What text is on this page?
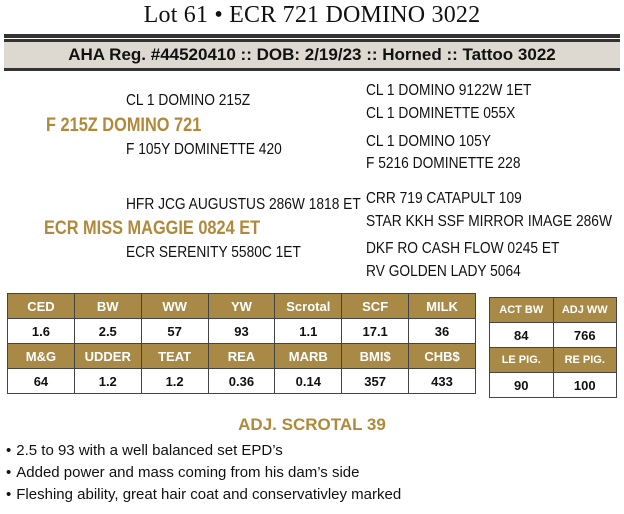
Lot 61 • ECR 721 DOMINO 3022
AHA Reg. #44520410 :: DOB: 2/19/23 :: Horned :: Tattoo 3022
CL 1 DOMINO 215Z
F 215Z DOMINO 721
F 105Y DOMINETTE 420
CL 1 DOMINO 9122W 1ET
CL 1 DOMINETTE 055X
CL 1 DOMINO 105Y
F 5216 DOMINETTE 228
HFR JCG AUGUSTUS 286W 1818 ET
ECR MISS MAGGIE 0824 ET
ECR SERENITY 5580C 1ET
CRR 719 CATAPULT 109
STAR KKH SSF MIRROR IMAGE 286W
DKF RO CASH FLOW 0245 ET
RV GOLDEN LADY 5064
CED	BW	WW	YW	Scrotal	SCF	MILK
1.6	2.5	57	93	1.1	17.1	36
M&G	UDDER	TEAT	REA	MARB	BMI$	CHB$
64	1.2	1.2	0.36	0.14	357	433
ACT BW	ADJ WW
84	766
LE PIG.	RE PIG.
90	100
ADJ. SCROTAL 39
• 2.5 to 93 with a well balanced set EPD’s
• Added power and mass coming from his dam’s side
• Fleshing ability, great hair coat and conservativley marked
